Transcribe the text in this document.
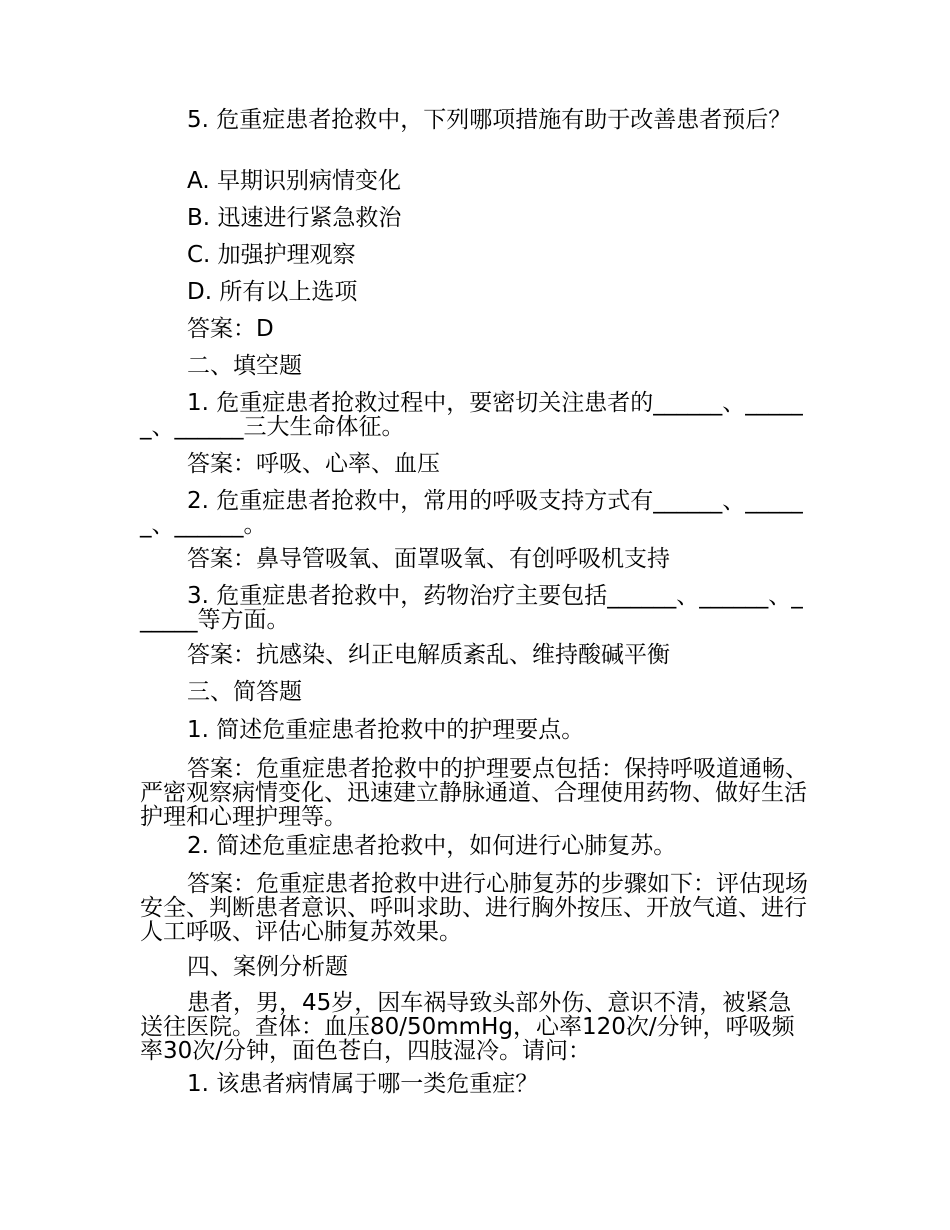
5. 危重症患者抢救中，下列哪项措施有助于改善患者预后？

A. 早期识别病情变化

B. 迅速进行紧急救治

C. 加强护理观察

D. 所有以上选项

答案：D

二、填空题

1. 危重症患者抢救过程中，要密切关注患者的______、______、______三大生命体征。

答案：呼吸、心率、血压

2. 危重症患者抢救中，常用的呼吸支持方式有______、______、______。

答案：鼻导管吸氧、面罩吸氧、有创呼吸机支持

3. 危重症患者抢救中，药物治疗主要包括______、______、______等方面。

答案：抗感染、纠正电解质紊乱、维持酸碱平衡

三、简答题

1. 简述危重症患者抢救中的护理要点。

答案：危重症患者抢救中的护理要点包括：保持呼吸道通畅、严密观察病情变化、迅速建立静脉通道、合理使用药物、做好生活护理和心理护理等。

2. 简述危重症患者抢救中，如何进行心肺复苏。

答案：危重症患者抢救中进行心肺复苏的步骤如下：评估现场安全、判断患者意识、呼叫求助、进行胸外按压、开放气道、进行人工呼吸、评估心肺复苏效果。

四、案例分析题

患者，男，45岁，因车祸导致头部外伤、意识不清，被紧急送往医院。查体：血压80/50mmHg，心率120次/分钟，呼吸频率30次/分钟，面色苍白，四肢湿冷。请问：

1. 该患者病情属于哪一类危重症？
